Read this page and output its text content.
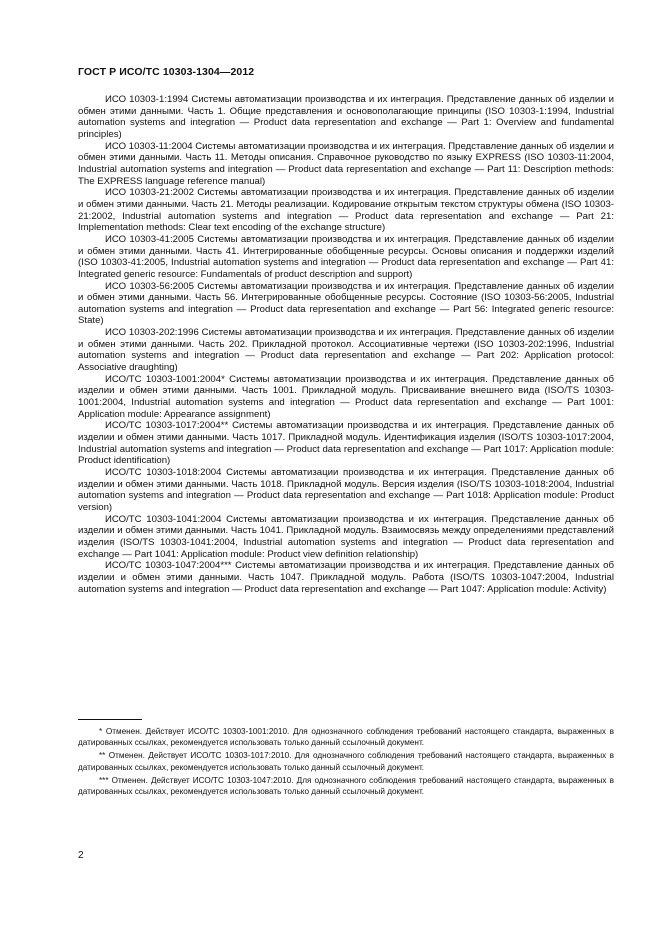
ГОСТ Р ИСО/ТС 10303-1304—2012

ИСО 10303-1:1994 Системы автоматизации производства и их интеграция. Представление данных об изделии и обмен этими данными. Часть 1. Общие представления и основополагающие принципы (ISO 10303-1:1994, Industrial automation systems and integration — Product data representation and exchange — Part 1: Overview and fundamental principles)

ИСО 10303-11:2004 Системы автоматизации производства и их интеграция. Представление данных об изделии и обмен этими данными. Часть 11. Методы описания. Справочное руководство по языку EXPRESS (ISO 10303-11:2004, Industrial automation systems and integration — Product data representation and exchange — Part 11: Description methods: The EXPRESS language reference manual)

ИСО 10303-21:2002 Системы автоматизации производства и их интеграция. Представление данных об изделии и обмен этими данными. Часть 21. Методы реализации. Кодирование открытым текстом структуры обмена (ISO 10303-21:2002, Industrial automation systems and integration — Product data representation and exchange — Part 21: Implementation methods: Clear text encoding of the exchange structure)

ИСО 10303-41:2005 Системы автоматизации производства и их интеграция. Представление данных об изделии и обмен этими данными. Часть 41. Интегрированные обобщенные ресурсы. Основы описания и поддержки изделий (ISO 10303-41:2005, Industrial automation systems and integration — Product data representation and exchange — Part 41: Integrated generic resource: Fundamentals of product description and support)

ИСО 10303-56:2005 Системы автоматизации производства и их интеграция. Представление данных об изделии и обмен этими данными. Часть 56. Интегрированные обобщенные ресурсы. Состояние (ISO 10303-56:2005, Industrial automation systems and integration — Product data representation and exchange — Part 56: Integrated generic resource: State)

ИСО 10303-202:1996 Системы автоматизации производства и их интеграция. Представление данных об изделии и обмен этими данными. Часть 202. Прикладной протокол. Ассоциативные чертежи (ISO 10303-202:1996, Industrial automation systems and integration — Product data representation and exchange — Part 202: Application protocol: Associative draughting)

ИСО/ТС 10303-1001:2004* Системы автоматизации производства и их интеграция. Представление данных об изделии и обмен этими данными. Часть 1001. Прикладной модуль. Присваивание внешнего вида (ISO/TS 10303-1001:2004, Industrial automation systems and integration — Product data representation and exchange — Part 1001: Application module: Appearance assignment)

ИСО/ТС 10303-1017:2004** Системы автоматизации производства и их интеграция. Представление данных об изделии и обмен этими данными. Часть 1017. Прикладной модуль. Идентификация изделия (ISO/TS 10303-1017:2004, Industrial automation systems and integration — Product data representation and exchange — Part 1017: Application module: Product identification)

ИСО/ТС 10303-1018:2004 Системы автоматизации производства и их интеграция. Представление данных об изделии и обмен этими данными. Часть 1018. Прикладной модуль. Версия изделия (ISO/TS 10303-1018:2004, Industrial automation systems and integration — Product data representation and exchange — Part 1018: Application module: Product version)

ИСО/ТС 10303-1041:2004 Системы автоматизации производства и их интеграция. Представление данных об изделии и обмен этими данными. Часть 1041. Прикладной модуль. Взаимосвязь между определениями представлений изделия (ISO/TS 10303-1041:2004, Industrial automation systems and integration — Product data representation and exchange — Part 1041: Application module: Product view definition relationship)

ИСО/ТС 10303-1047:2004*** Системы автоматизации производства и их интеграция. Представление данных об изделии и обмен этими данными. Часть 1047. Прикладной модуль. Работа (ISO/TS 10303-1047:2004, Industrial automation systems and integration — Product data representation and exchange — Part 1047: Application module: Activity)

* Отменен. Действует ИСО/ТС 10303-1001:2010. Для однозначного соблюдения требований настоящего стандарта, выраженных в датированных ссылках, рекомендуется использовать только данный ссылочный документ.

** Отменен. Действует ИСО/ТС 10303-1017:2010. Для однозначного соблюдения требований настоящего стандарта, выраженных в датированных ссылках, рекомендуется использовать только данный ссылочный документ.

*** Отменен. Действует ИСО/ТС 10303-1047:2010. Для однозначного соблюдения требований настоящего стандарта, выраженных в датированных ссылках, рекомендуется использовать только данный ссылочный документ.

2
